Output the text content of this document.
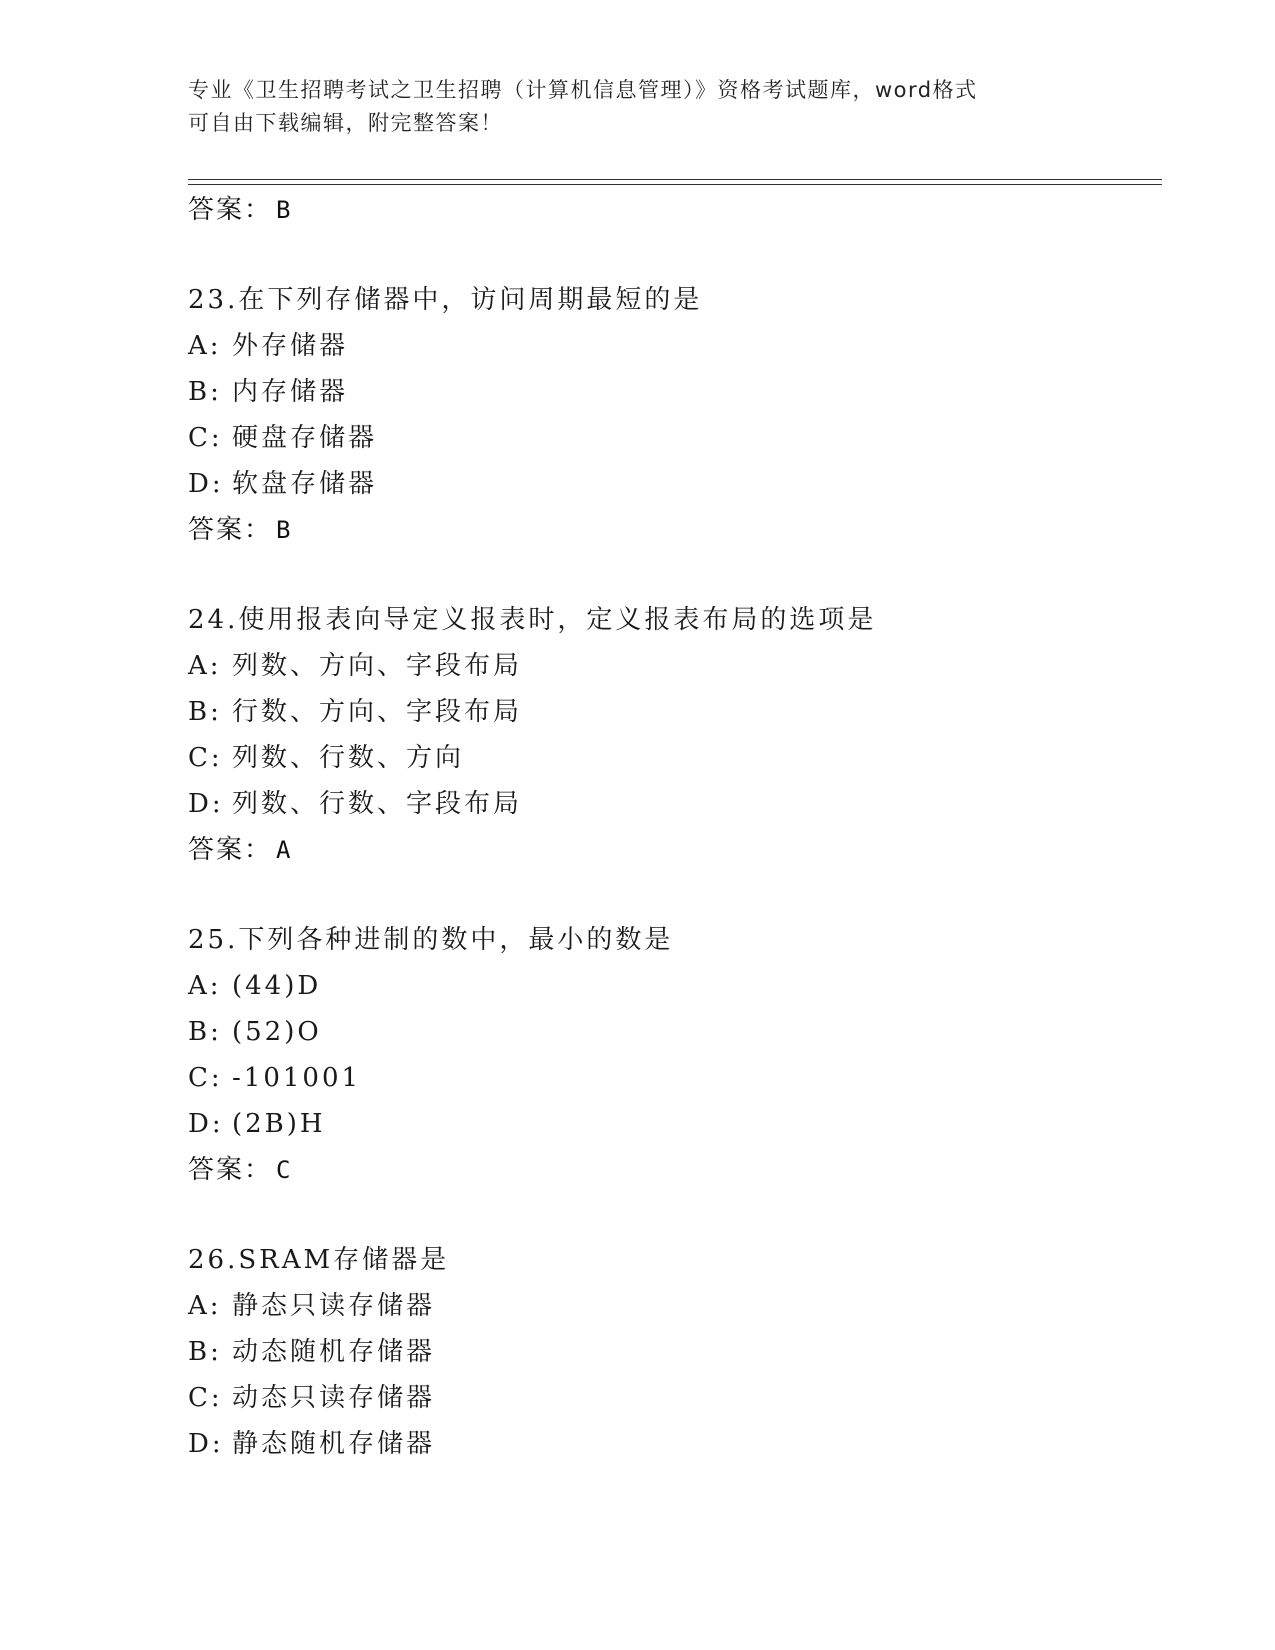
专业《卫生招聘考试之卫生招聘（计算机信息管理）》资格考试题库，word格式
可自由下载编辑，附完整答案！
答案： B
23.在下列存储器中，访问周期最短的是
A: 外存储器
B: 内存储器
C: 硬盘存储器
D: 软盘存储器
答案： B
24.使用报表向导定义报表时，定义报表布局的选项是
A: 列数、方向、字段布局
B: 行数、方向、字段布局
C: 列数、行数、方向
D: 列数、行数、字段布局
答案： A
25.下列各种进制的数中，最小的数是
A: (44)D
B: (52)O
C: -101001
D: (2B)H
答案： C
26.SRAM存储器是
A: 静态只读存储器
B: 动态随机存储器
C: 动态只读存储器
D: 静态随机存储器
